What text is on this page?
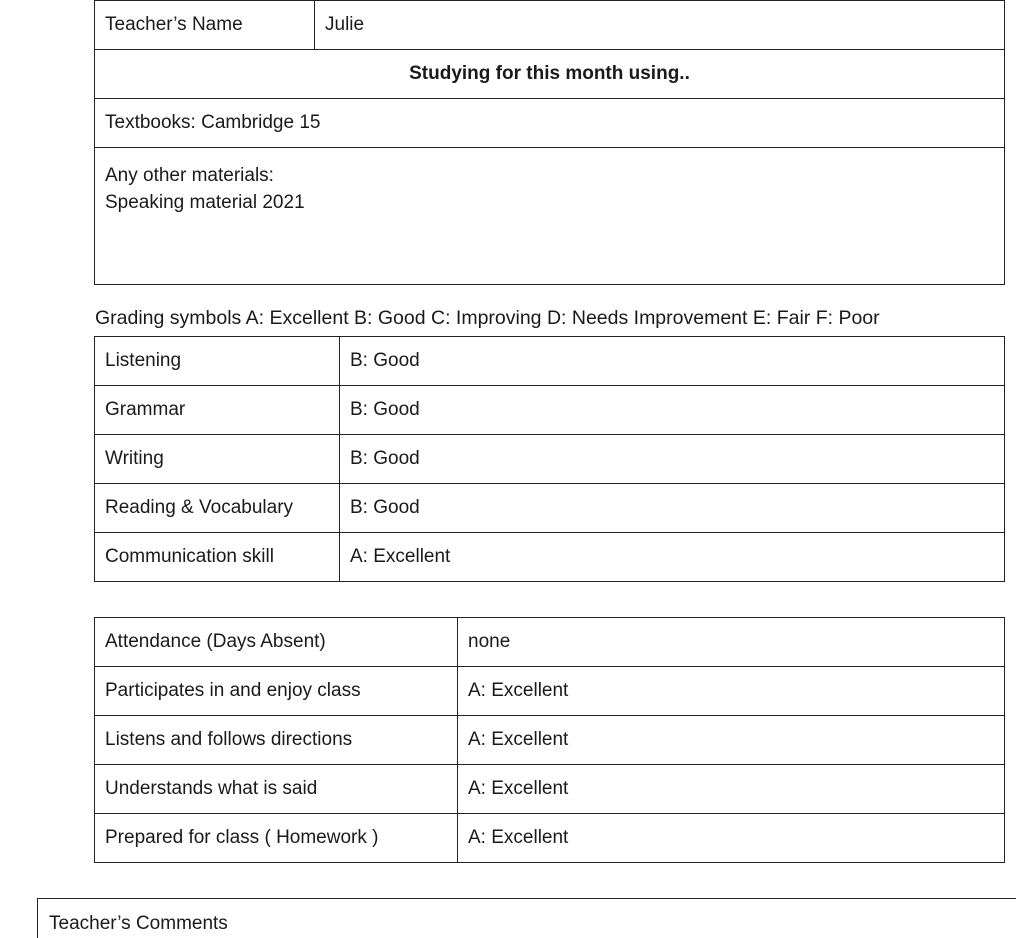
Teacher’s Name	Julie
Studying for this month using..
Textbooks: Cambridge 15

Any other materials:
Speaking material 2021
Grading symbols A: Excellent B: Good C: Improving D: Needs Improvement E: Fair F: Poor
Listening	B: Good
Grammar	B: Good
Writing	B: Good
Reading & Vocabulary	B: Good
Communication skill	A: Excellent
Attendance (Days Absent)	none
Participates in and enjoy class	A: Excellent
Listens and follows directions	A: Excellent
Understands what is said	A: Excellent
Prepared for class ( Homework )	A: Excellent
Teacher’s Comments
